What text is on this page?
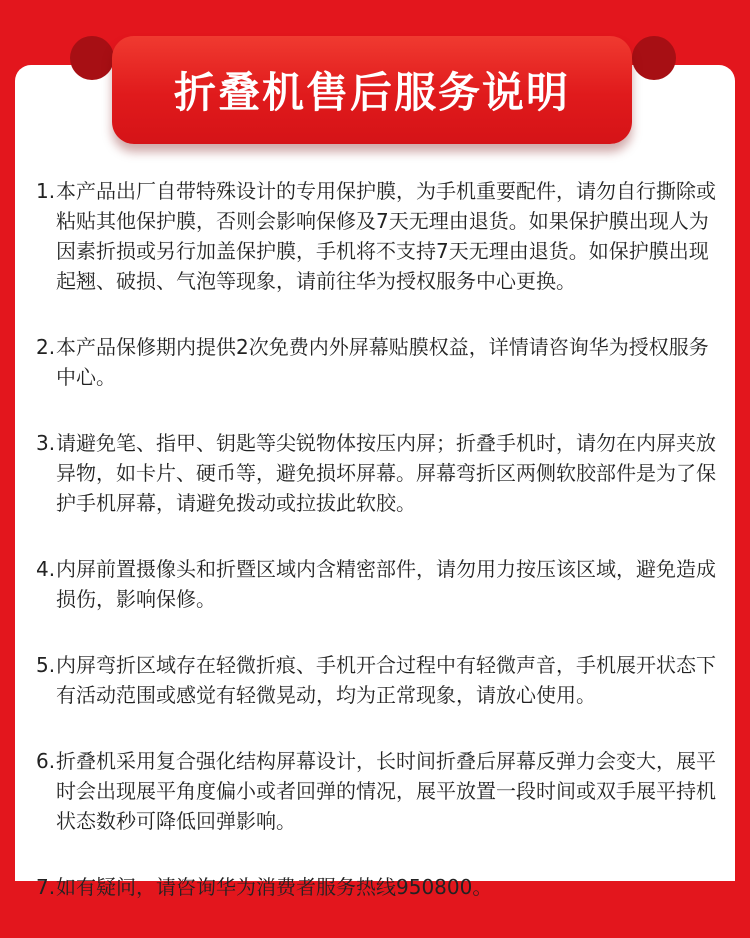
折叠机售后服务说明
1. 本产品出厂自带特殊设计的专用保护膜，为手机重要配件，请勿自行撕除或粘贴其他保护膜，否则会影响保修及7天无理由退货。如果保护膜出现人为因素折损或另行加盖保护膜，手机将不支持7天无理由退货。如保护膜出现起翘、破损、气泡等现象，请前往华为授权服务中心更换。
2. 本产品保修期内提供2次免费内外屏幕贴膜权益，详情请咨询华为授权服务中心。
3. 请避免笔、指甲、钥匙等尖锐物体按压内屏；折叠手机时，请勿在内屏夹放异物，如卡片、硬币等，避免损坏屏幕。屏幕弯折区两侧软胶部件是为了保护手机屏幕，请避免拨动或拉拔此软胶。
4. 内屏前置摄像头和折暨区域内含精密部件，请勿用力按压该区域，避免造成损伤，影响保修。
5. 内屏弯折区域存在轻微折痕、手机开合过程中有轻微声音，手机展开状态下有活动范围或感觉有轻微晃动，均为正常现象，请放心使用。
6. 折叠机采用复合强化结构屏幕设计，长时间折叠后屏幕反弹力会变大，展平时会出现展平角度偏小或者回弹的情况，展平放置一段时间或双手展平持机状态数秒可降低回弹影响。
7. 如有疑问，请咨询华为消费者服务热线950800。
